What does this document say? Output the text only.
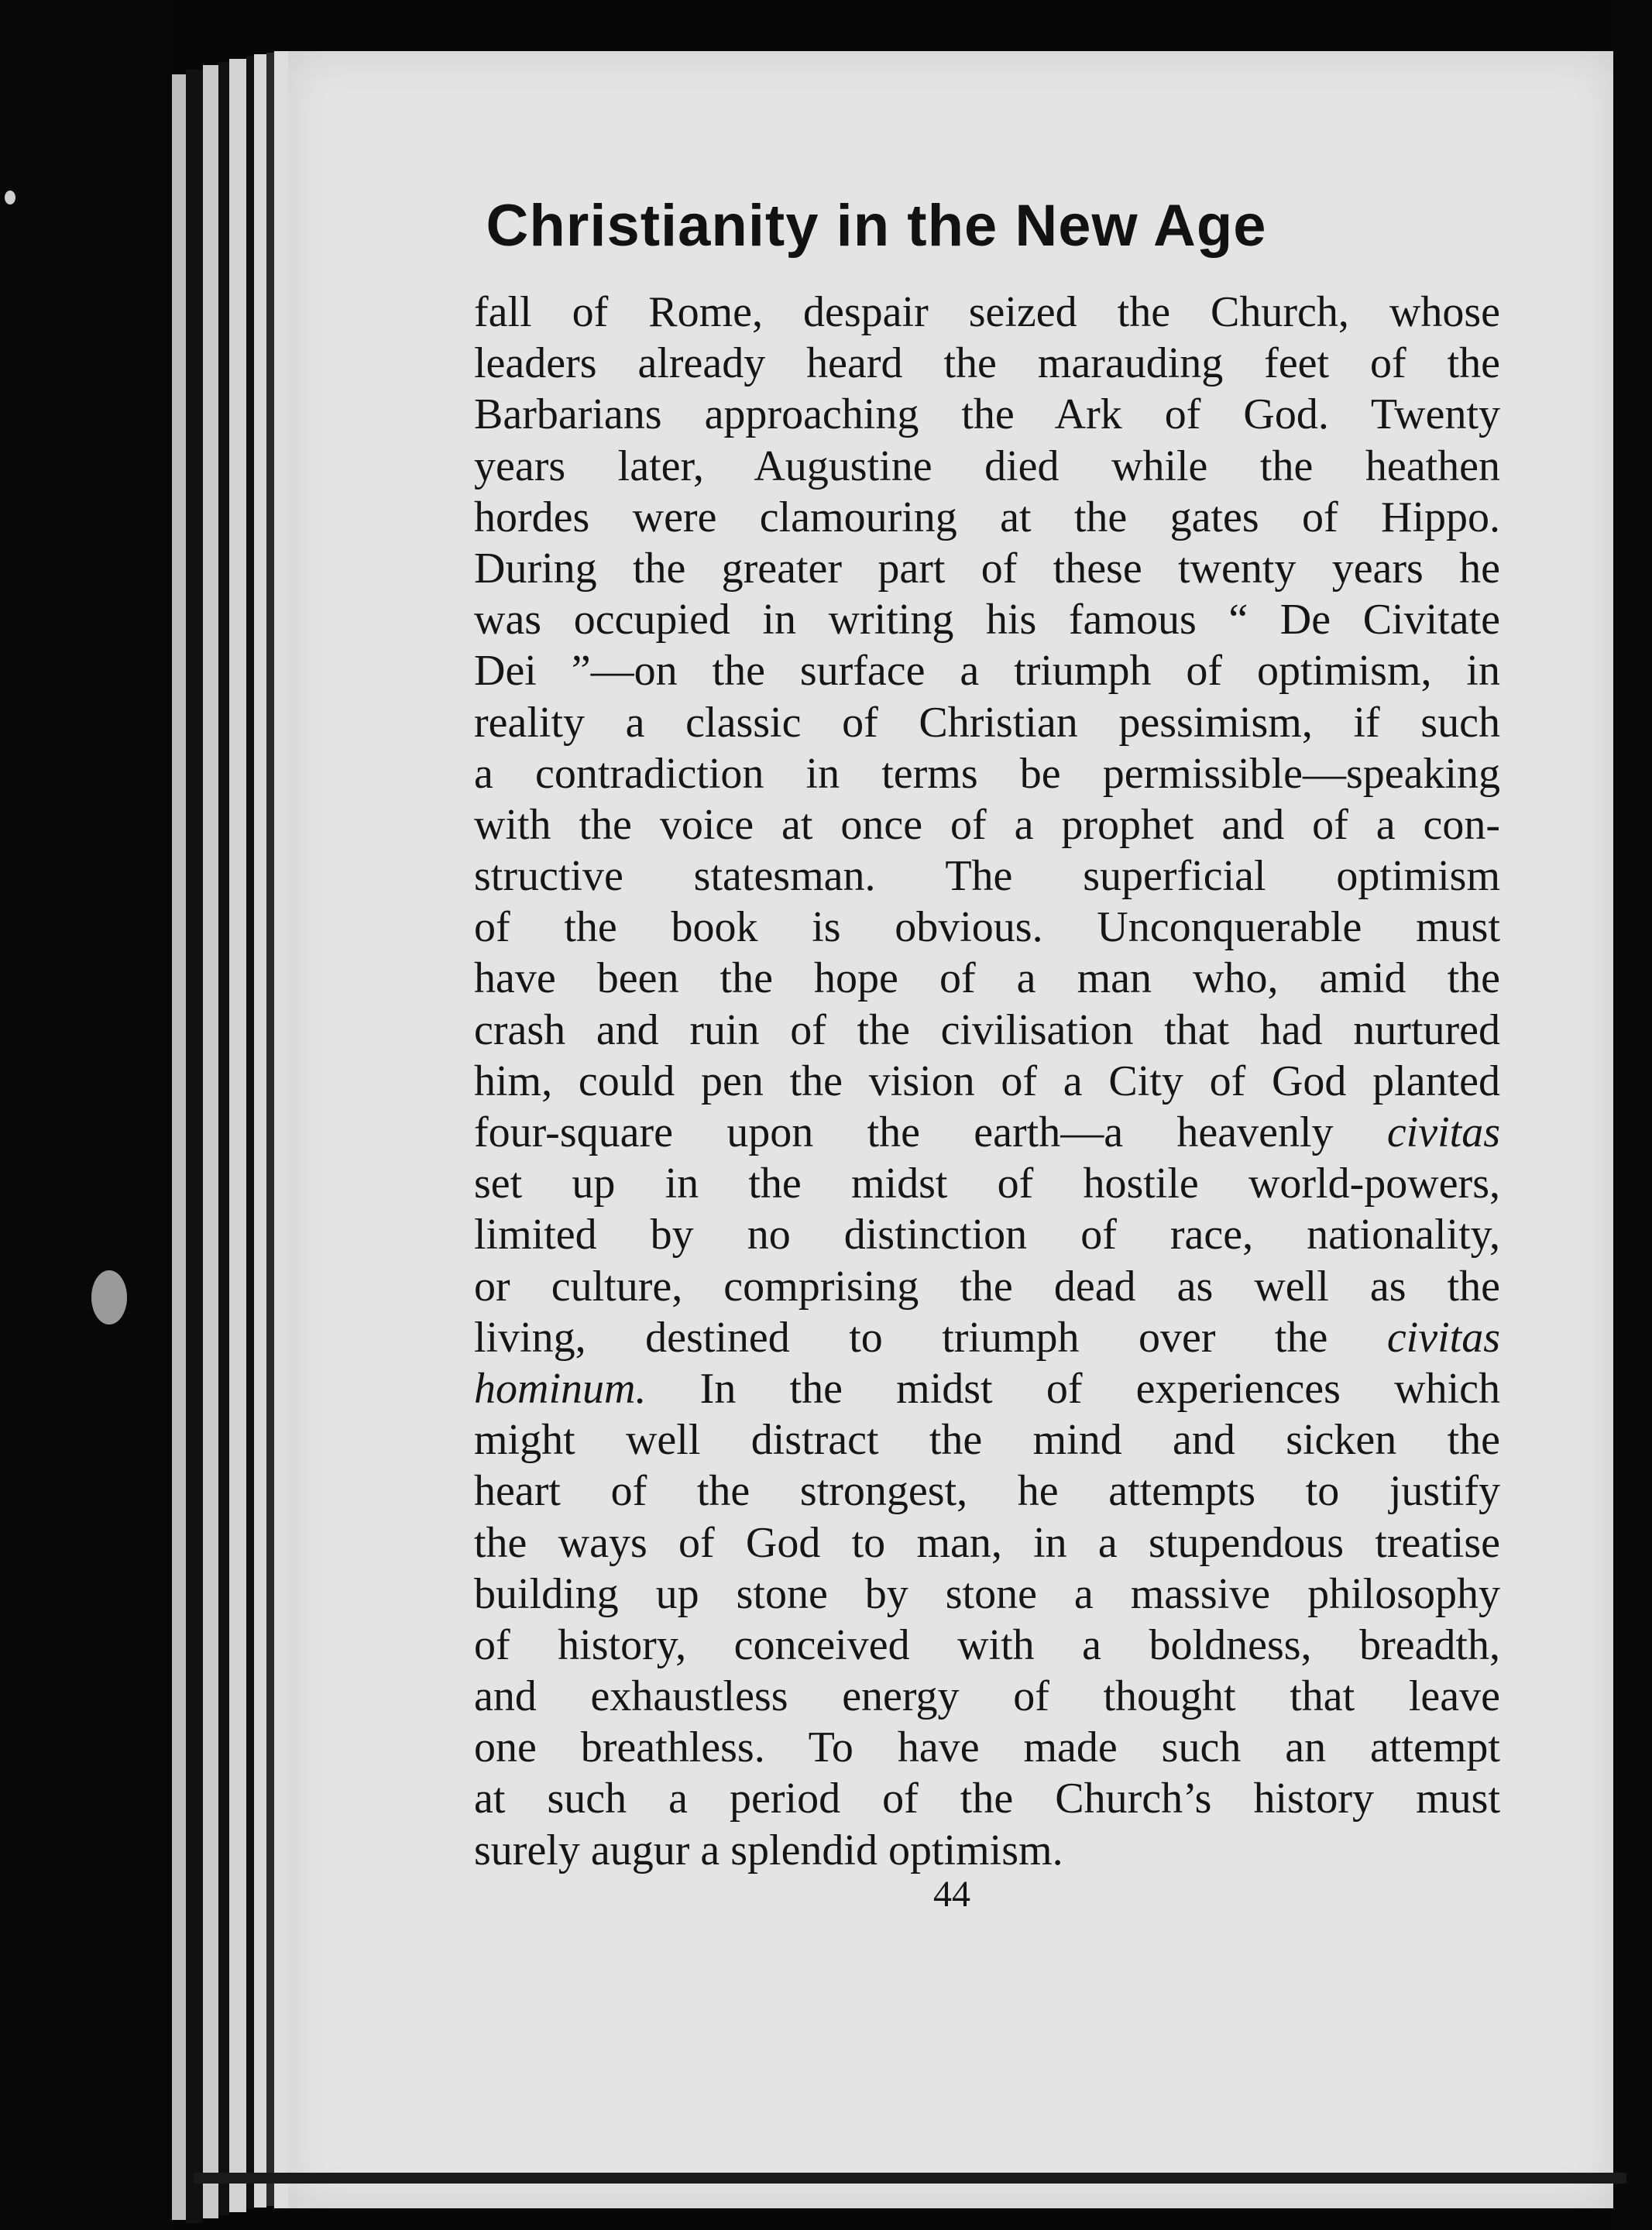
Christianity in the New Age
fall of Rome, despair seized the Church, whose
leaders already heard the marauding feet of the
Barbarians approaching the Ark of God. Twenty
years later, Augustine died while the heathen
hordes were clamouring at the gates of Hippo.
During the greater part of these twenty years he
was occupied in writing his famous “ De Civitate
Dei ”—on the surface a triumph of optimism, in
reality a classic of Christian pessimism, if such
a contradiction in terms be permissible—speaking
with the voice at once of a prophet and of a con-
structive statesman. The superficial optimism
of the book is obvious. Unconquerable must
have been the hope of a man who, amid the
crash and ruin of the civilisation that had nurtured
him, could pen the vision of a City of God planted
four-square upon the earth—a heavenly civitas
set up in the midst of hostile world-powers,
limited by no distinction of race, nationality,
or culture, comprising the dead as well as the
living, destined to triumph over the civitas
hominum. In the midst of experiences which
might well distract the mind and sicken the
heart of the strongest, he attempts to justify
the ways of God to man, in a stupendous treatise
building up stone by stone a massive philosophy
of history, conceived with a boldness, breadth,
and exhaustless energy of thought that leave
one breathless. To have made such an attempt
at such a period of the Church’s history must
surely augur a splendid optimism.
44
